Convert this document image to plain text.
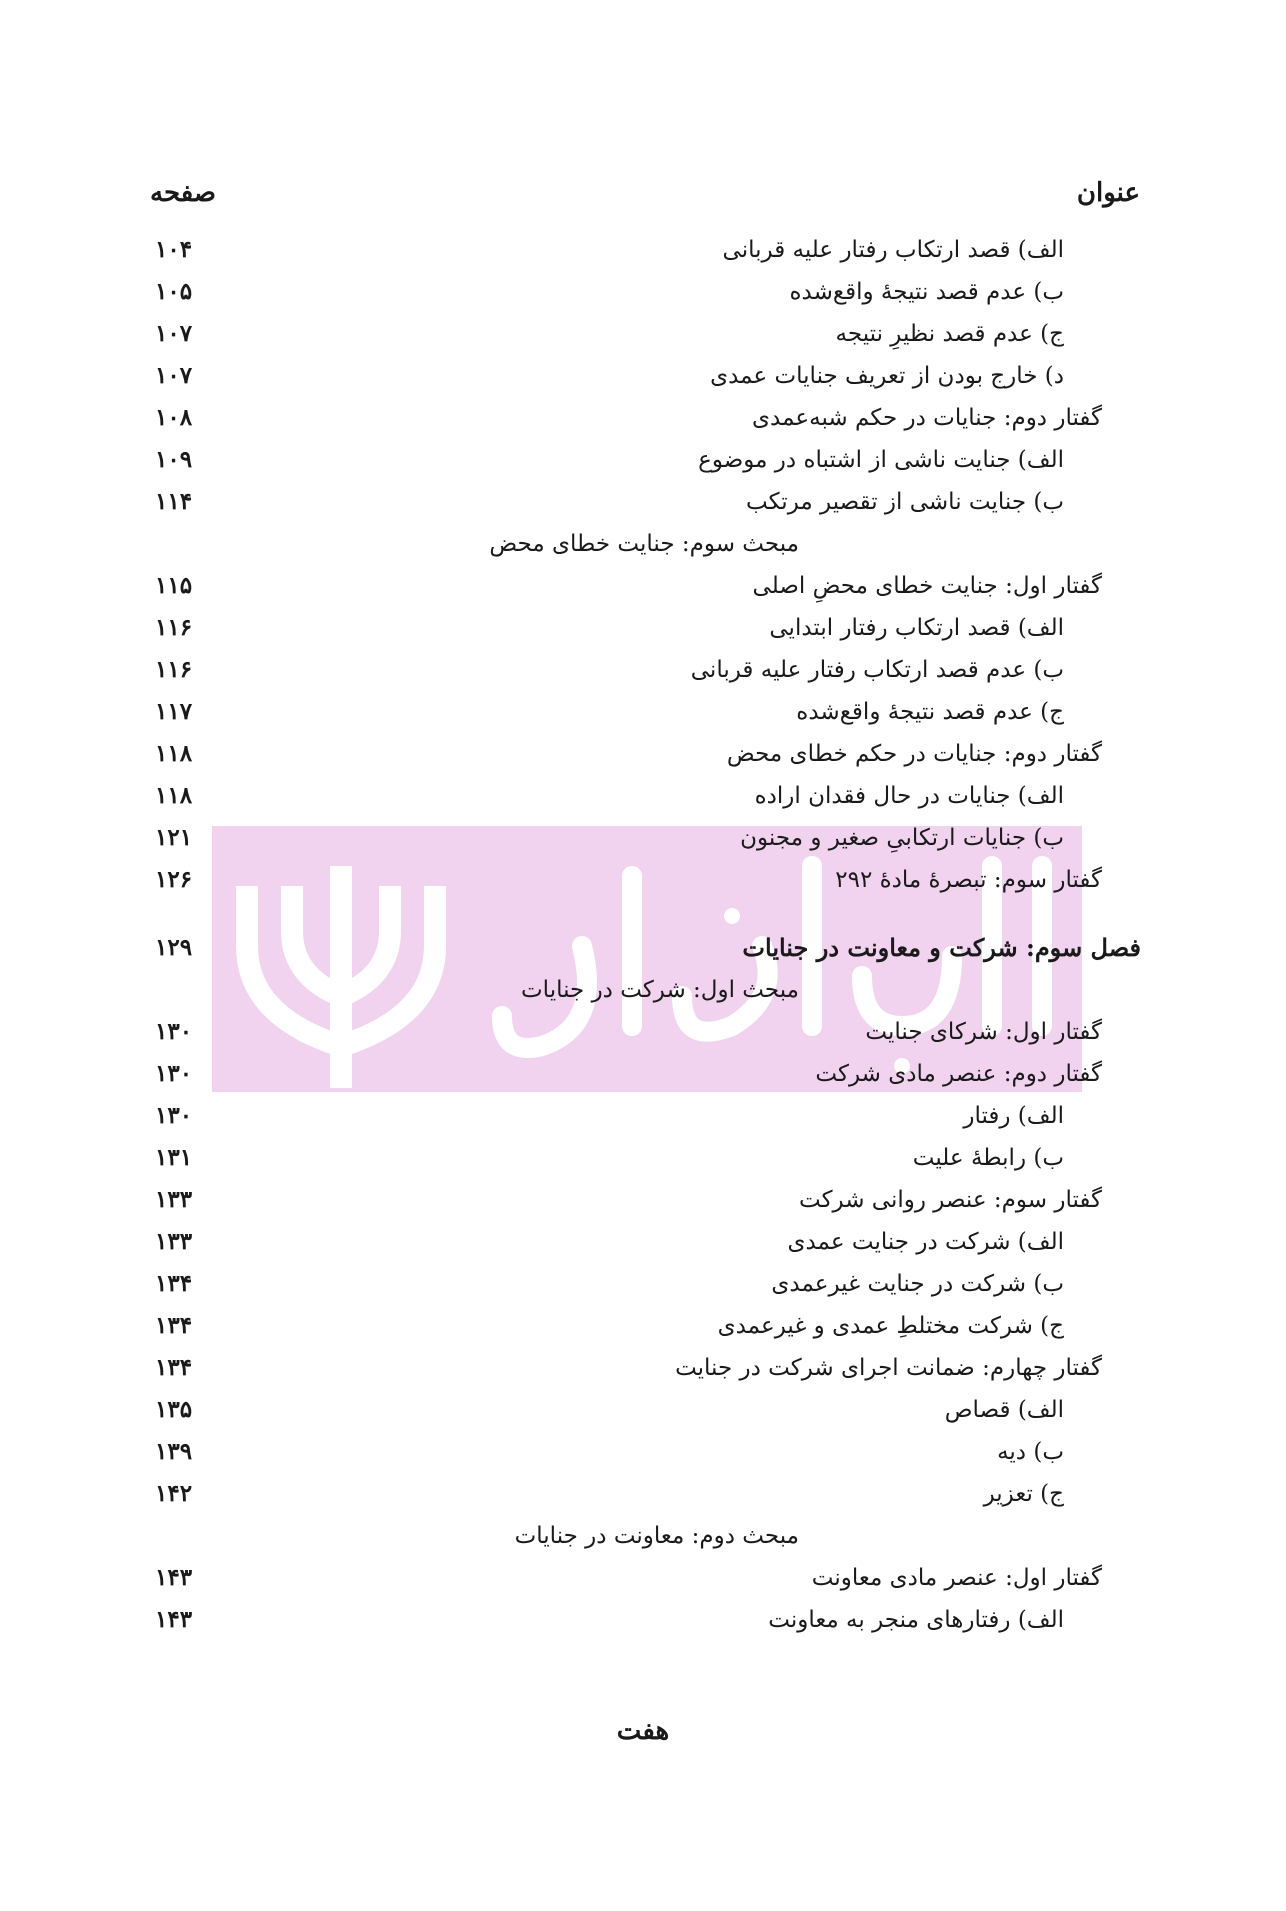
عنوان
صفحه
الف) قصد ارتکاب رفتار علیه قربانی
۱۰۴
ب) عدم قصد نتیجهٔ واقع‌شده
۱۰۵
ج) عدم قصد نظیرِ نتیجه
۱۰۷
د) خارج بودن از تعریف جنایات عمدی
۱۰۷
گفتار دوم: جنایات در حکم شبه‌عمدی
۱۰۸
الف) جنایت ناشی از اشتباه در موضوع
۱۰۹
ب) جنایت ناشی از تقصیر مرتکب
۱۱۴
مبحث سوم: جنایت خطای محض
گفتار اول: جنایت خطای محضِ اصلی
۱۱۵
الف) قصد ارتکاب رفتار ابتدایی
۱۱۶
ب) عدم قصد ارتکاب رفتار علیه قربانی
۱۱۶
ج) عدم قصد نتیجهٔ واقع‌شده
۱۱۷
گفتار دوم: جنایات در حکم خطای محض
۱۱۸
الف) جنایات در حال فقدان اراده
۱۱۸
ب) جنایات ارتکابیِ صغیر و مجنون
۱۲۱
گفتار سوم: تبصرهٔ مادهٔ ۲۹۲
۱۲۶
فصل سوم: شرکت و معاونت در جنایات
۱۲۹
مبحث اول: شرکت در جنایات
گفتار اول: شرکای جنایت
۱۳۰
گفتار دوم: عنصر مادی شرکت
۱۳۰
الف) رفتار
۱۳۰
ب) رابطهٔ علیت
۱۳۱
گفتار سوم: عنصر روانی شرکت
۱۳۳
الف) شرکت در جنایت عمدی
۱۳۳
ب) شرکت در جنایت غیرعمدی
۱۳۴
ج) شرکت مختلطِ عمدی و غیرعمدی
۱۳۴
گفتار چهارم: ضمانت اجرای شرکت در جنایت
۱۳۴
الف) قصاص
۱۳۵
ب) دیه
۱۳۹
ج) تعزیر
۱۴۲
مبحث دوم: معاونت در جنایات
گفتار اول: عنصر مادی معاونت
۱۴۳
الف) رفتارهای منجر به معاونت
۱۴۳
هفت
